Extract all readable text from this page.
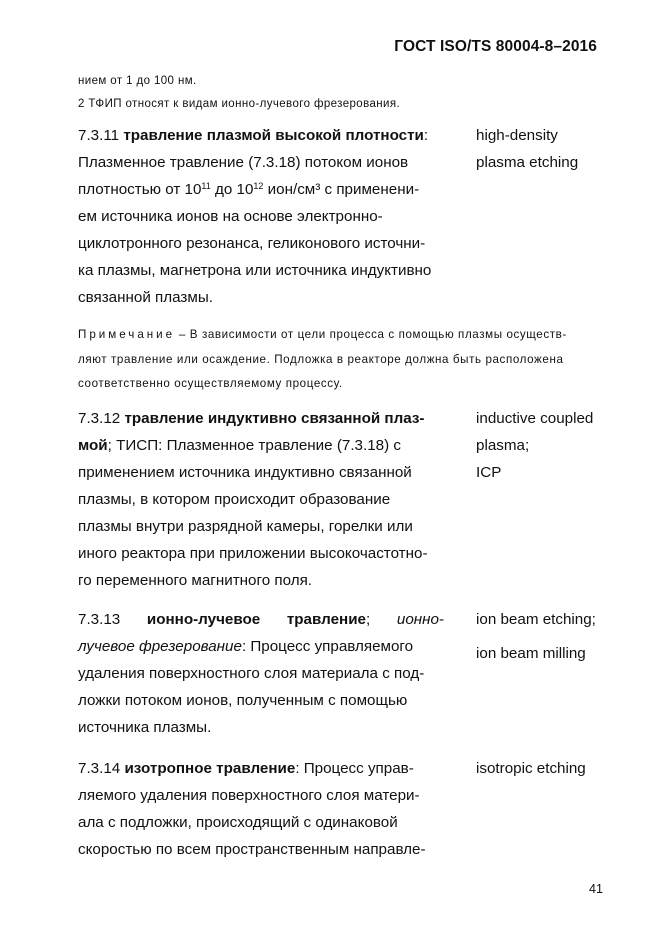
ГОСТ ISO/TS 80004-8–2016
нием от 1 до 100 нм.
2 ТФИП относят к видам ионно-лучевого фрезерования.

7.3.11 травление плазмой высокой плотности:
Плазменное травление (7.3.18) потоком ионов
плотностью от $10^{11}$ до $10^{12}$ ион/см³ с применени-
ем источника ионов на основе электронно-
циклотронного резонанса, геликонового источни-
ка плазмы, магнетрона или источника индуктивно
связанной плазмы.

high-density
plasma etching
Примечание – В зависимости от цели процесса с помощью плазмы осуществ-
ляют травление или осаждение. Подложка в реакторе должна быть расположена
соответственно осуществляемому процессу.

7.3.12 травление индуктивно связанной плаз-
мой; ТИСП: Плазменное травление (7.3.18) с
применением источника индуктивно связанной
плазмы, в котором происходит образование
плазмы внутри разрядной камеры, горелки или
иного реактора при приложении высокочастотно-
го переменного магнитного поля.

inductive coupled
plasma;
ICP

7.3.13 ионно-лучевое травление; ионно-

лучевое фрезерование: Процесс управляемого
удаления поверхностного слоя материала с под-
ложки потоком ионов, полученным с помощью
источника плазмы.

ion beam etching;
ion beam milling

7.3.14 изотропное травление: Процесс управ-
ляемого удаления поверхностного слоя матери-
ала с подложки, происходящий с одинаковой
скоростью по всем пространственным направле-

isotropic etching
41
